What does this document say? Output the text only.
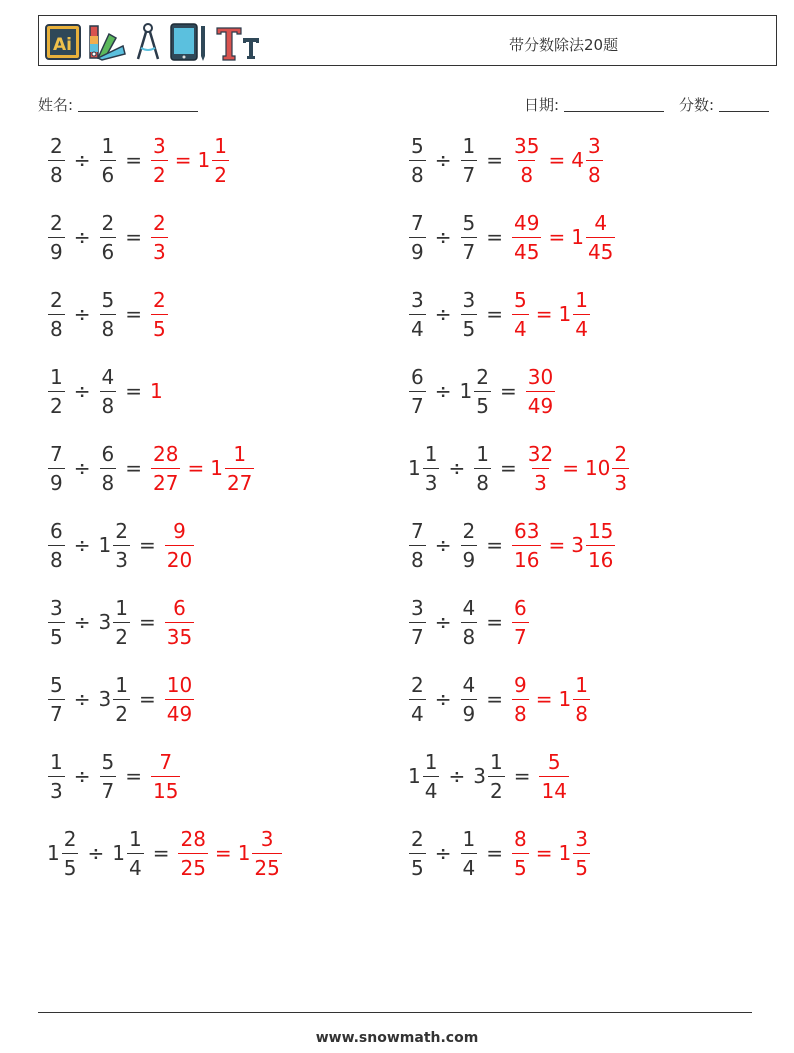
Ai	带分数除法20题
姓名:	日期:	分数:
$\frac{2}{8} \div \frac{1}{6} = \frac{3}{2} = 1 \frac{1}{2}$	$\frac{5}{8} \div \frac{1}{7} = \frac{35}{8} = 4 \frac{3}{8}$
$\frac{2}{9} \div \frac{2}{6} = \frac{2}{3}$	$\frac{7}{9} \div \frac{5}{7} = \frac{49}{45} = 1 \frac{4}{45}$
$\frac{2}{8} \div \frac{5}{8} = \frac{2}{5}$	$\frac{3}{4} \div \frac{3}{5} = \frac{5}{4} = 1 \frac{1}{4}$
$\frac{1}{2} \div \frac{4}{8} = 1$	$\frac{6}{7} \div 1 \frac{2}{5} = \frac{30}{49}$
$\frac{7}{9} \div \frac{6}{8} = \frac{28}{27} = 1 \frac{1}{27}$	$1 \frac{1}{3} \div \frac{1}{8} = \frac{32}{3} = 10 \frac{2}{3}$
$\frac{6}{8} \div 1 \frac{2}{3} = \frac{9}{20}$	$\frac{7}{8} \div \frac{2}{9} = \frac{63}{16} = 3 \frac{15}{16}$
$\frac{3}{5} \div 3 \frac{1}{2} = \frac{6}{35}$	$\frac{3}{7} \div \frac{4}{8} = \frac{6}{7}$
$\frac{5}{7} \div 3 \frac{1}{2} = \frac{10}{49}$	$\frac{2}{4} \div \frac{4}{9} = \frac{9}{8} = 1 \frac{1}{8}$
$\frac{1}{3} \div \frac{5}{7} = \frac{7}{15}$	$1 \frac{1}{4} \div 3 \frac{1}{2} = \frac{5}{14}$
$1 \frac{2}{5} \div 1 \frac{1}{4} = \frac{28}{25} = 1 \frac{3}{25}$	$\frac{2}{5} \div \frac{1}{4} = \frac{8}{5} = 1 \frac{3}{5}$
www.snowmath.com
